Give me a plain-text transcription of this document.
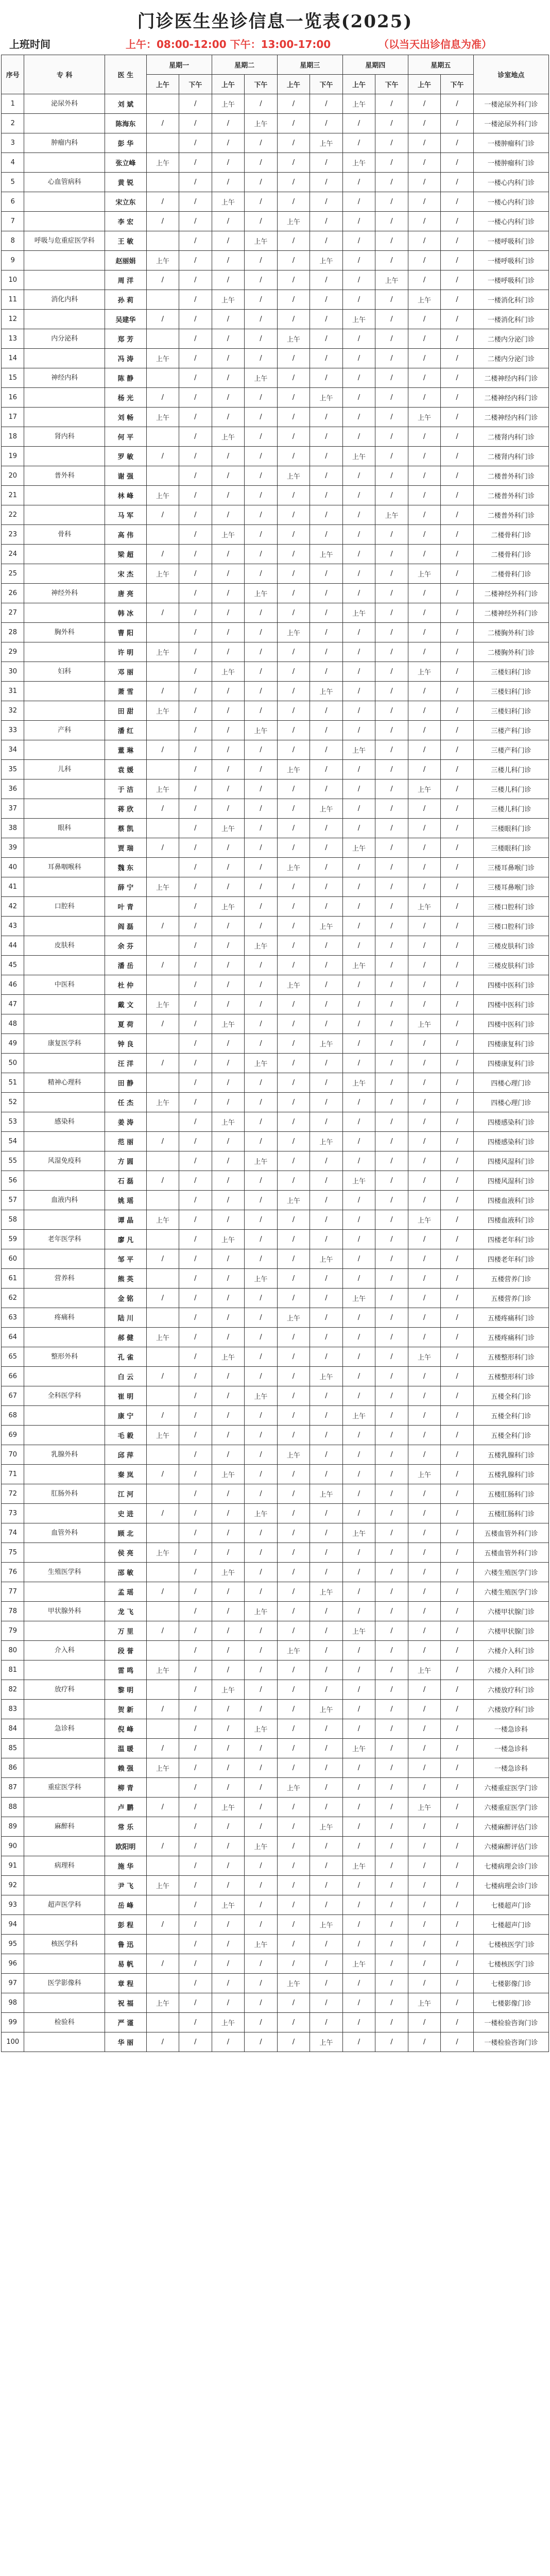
门诊医生坐诊信息一览表(2025)
上班时间	上午：08:00-12:00 下午：13:00-17:00	（以当天出诊信息为准）
序号	专 科	医 生	星期一		星期二		星期三		星期四		星期五		诊室地点
			上午	下午	上午	下午	上午	下午	上午	下午	上午	下午	
1	泌尿外科	刘 斌		/	上午	/	/	/	上午	/	/	/	一楼泌尿外科门诊
2		陈海东	/	/	/	上午	/	/	/	/	/	/	一楼泌尿外科门诊
3	肿瘤内科	彭 华		/	/	/	/	上午	/	/	/	/	一楼肿瘤科门诊
4		张立峰	上午	/	/	/	/	/	上午	/	/	/	一楼肿瘤科门诊
5	心血管病科	黄 锐		/	/	/	/	/	/	/	/	/	一楼心内科门诊
6		宋立东	/	/	上午	/	/	/	/	/	/	/	一楼心内科门诊
7		李 宏	/	/	/	/	上午	/	/	/	/	/	一楼心内科门诊
8	呼吸与危重症医学科	王 敏		/	/	上午	/	/	/	/	/	/	一楼呼吸科门诊
9		赵丽娟	上午	/	/	/	/	上午	/	/	/	/	一楼呼吸科门诊
10		周 洋	/	/	/	/	/	/	/	上午	/	/	一楼呼吸科门诊
11	消化内科	孙 莉		/	上午	/	/	/	/	/	上午	/	一楼消化科门诊
12		吴建华	/	/	/	/	/	/	上午	/	/	/	一楼消化科门诊
13	内分泌科	郑 芳		/	/	/	上午	/	/	/	/	/	二楼内分泌门诊
14		冯 涛	上午	/	/	/	/	/	/	/	/	/	二楼内分泌门诊
15	神经内科	陈 静		/	/	上午	/	/	/	/	/	/	二楼神经内科门诊
16		杨 光	/	/	/	/	/	上午	/	/	/	/	二楼神经内科门诊
17		刘 畅	上午	/	/	/	/	/	/	/	上午	/	二楼神经内科门诊
18	肾内科	何 平		/	上午	/	/	/	/	/	/	/	二楼肾内科门诊
19		罗 敏	/	/	/	/	/	/	上午	/	/	/	二楼肾内科门诊
20	普外科	谢 强		/	/	/	上午	/	/	/	/	/	二楼普外科门诊
21		林 峰	上午	/	/	/	/	/	/	/	/	/	二楼普外科门诊
22		马 军	/	/	/	/	/	/	/	上午	/	/	二楼普外科门诊
23	骨科	高 伟		/	上午	/	/	/	/	/	/	/	二楼骨科门诊
24		梁 超	/	/	/	/	/	上午	/	/	/	/	二楼骨科门诊
25		宋 杰	上午	/	/	/	/	/	/	/	上午	/	二楼骨科门诊
26	神经外科	唐 亮		/	/	上午	/	/	/	/	/	/	二楼神经外科门诊
27		韩 冰	/	/	/	/	/	/	上午	/	/	/	二楼神经外科门诊
28	胸外科	曹 阳		/	/	/	上午	/	/	/	/	/	二楼胸外科门诊
29		许 明	上午	/	/	/	/	/	/	/	/	/	二楼胸外科门诊
30	妇科	邓 丽		/	上午	/	/	/	/	/	上午	/	三楼妇科门诊
31		萧 雪	/	/	/	/	/	上午	/	/	/	/	三楼妇科门诊
32		田 甜	上午	/	/	/	/	/	/	/	/	/	三楼妇科门诊
33	产科	潘 红		/	/	上午	/	/	/	/	/	/	三楼产科门诊
34		董 琳	/	/	/	/	/	/	上午	/	/	/	三楼产科门诊
35	儿科	袁 媛		/	/	/	上午	/	/	/	/	/	三楼儿科门诊
36		于 洁	上午	/	/	/	/	/	/	/	上午	/	三楼儿科门诊
37		蒋 欣	/	/	/	/	/	上午	/	/	/	/	三楼儿科门诊
38	眼科	蔡 凯		/	上午	/	/	/	/	/	/	/	三楼眼科门诊
39		贾 瑞	/	/	/	/	/	/	上午	/	/	/	三楼眼科门诊
40	耳鼻咽喉科	魏 东		/	/	/	上午	/	/	/	/	/	三楼耳鼻喉门诊
41		薛 宁	上午	/	/	/	/	/	/	/	/	/	三楼耳鼻喉门诊
42	口腔科	叶 青		/	上午	/	/	/	/	/	上午	/	三楼口腔科门诊
43		阎 磊	/	/	/	/	/	上午	/	/	/	/	三楼口腔科门诊
44	皮肤科	余 芬		/	/	上午	/	/	/	/	/	/	三楼皮肤科门诊
45		潘 岳	/	/	/	/	/	/	上午	/	/	/	三楼皮肤科门诊
46	中医科	杜 仲		/	/	/	上午	/	/	/	/	/	四楼中医科门诊
47		戴 文	上午	/	/	/	/	/	/	/	/	/	四楼中医科门诊
48		夏 荷	/	/	上午	/	/	/	/	/	上午	/	四楼中医科门诊
49	康复医学科	钟 良		/	/	/	/	上午	/	/	/	/	四楼康复科门诊
50		汪 洋	/	/	/	上午	/	/	/	/	/	/	四楼康复科门诊
51	精神心理科	田 静		/	/	/	/	/	上午	/	/	/	四楼心理门诊
52		任 杰	上午	/	/	/	/	/	/	/	/	/	四楼心理门诊
53	感染科	姜 涛		/	上午	/	/	/	/	/	/	/	四楼感染科门诊
54		范 丽	/	/	/	/	/	上午	/	/	/	/	四楼感染科门诊
55	风湿免疫科	方 圆		/	/	上午	/	/	/	/	/	/	四楼风湿科门诊
56		石 磊	/	/	/	/	/	/	上午	/	/	/	四楼风湿科门诊
57	血液内科	姚 瑶		/	/	/	上午	/	/	/	/	/	四楼血液科门诊
58		谭 晶	上午	/	/	/	/	/	/	/	上午	/	四楼血液科门诊
59	老年医学科	廖 凡		/	上午	/	/	/	/	/	/	/	四楼老年科门诊
60		邹 平	/	/	/	/	/	上午	/	/	/	/	四楼老年科门诊
61	营养科	熊 英		/	/	上午	/	/	/	/	/	/	五楼营养门诊
62		金 铭	/	/	/	/	/	/	上午	/	/	/	五楼营养门诊
63	疼痛科	陆 川		/	/	/	上午	/	/	/	/	/	五楼疼痛科门诊
64		郝 健	上午	/	/	/	/	/	/	/	/	/	五楼疼痛科门诊
65	整形外科	孔 雀		/	上午	/	/	/	/	/	上午	/	五楼整形科门诊
66		白 云	/	/	/	/	/	上午	/	/	/	/	五楼整形科门诊
67	全科医学科	崔 明		/	/	上午	/	/	/	/	/	/	五楼全科门诊
68		康 宁	/	/	/	/	/	/	上午	/	/	/	五楼全科门诊
69		毛 毅	上午	/	/	/	/	/	/	/	/	/	五楼全科门诊
70	乳腺外科	邱 萍		/	/	/	上午	/	/	/	/	/	五楼乳腺科门诊
71		秦 岚	/	/	上午	/	/	/	/	/	上午	/	五楼乳腺科门诊
72	肛肠外科	江 河		/	/	/	/	上午	/	/	/	/	五楼肛肠科门诊
73		史 进	/	/	/	上午	/	/	/	/	/	/	五楼肛肠科门诊
74	血管外科	顾 北		/	/	/	/	/	上午	/	/	/	五楼血管外科门诊
75		侯 亮	上午	/	/	/	/	/	/	/	/	/	五楼血管外科门诊
76	生殖医学科	邵 敏		/	上午	/	/	/	/	/	/	/	六楼生殖医学门诊
77		孟 瑶	/	/	/	/	/	上午	/	/	/	/	六楼生殖医学门诊
78	甲状腺外科	龙 飞		/	/	上午	/	/	/	/	/	/	六楼甲状腺门诊
79		万 里	/	/	/	/	/	/	上午	/	/	/	六楼甲状腺门诊
80	介入科	段 誉		/	/	/	上午	/	/	/	/	/	六楼介入科门诊
81		雷 鸣	上午	/	/	/	/	/	/	/	上午	/	六楼介入科门诊
82	放疗科	黎 明		/	上午	/	/	/	/	/	/	/	六楼放疗科门诊
83		贺 新	/	/	/	/	/	上午	/	/	/	/	六楼放疗科门诊
84	急诊科	倪 峰		/	/	上午	/	/	/	/	/	/	一楼急诊科
85		温 暖	/	/	/	/	/	/	上午	/	/	/	一楼急诊科
86		赖 强	上午	/	/	/	/	/	/	/	/	/	一楼急诊科
87	重症医学科	柳 青		/	/	/	上午	/	/	/	/	/	六楼重症医学门诊
88		卢 鹏	/	/	上午	/	/	/	/	/	上午	/	六楼重症医学门诊
89	麻醉科	常 乐		/	/	/	/	上午	/	/	/	/	六楼麻醉评估门诊
90		欧阳明	/	/	/	上午	/	/	/	/	/	/	六楼麻醉评估门诊
91	病理科	施 华		/	/	/	/	/	上午	/	/	/	七楼病理会诊门诊
92		尹 飞	上午	/	/	/	/	/	/	/	/	/	七楼病理会诊门诊
93	超声医学科	岳 峰		/	上午	/	/	/	/	/	/	/	七楼超声门诊
94		彭 程	/	/	/	/	/	上午	/	/	/	/	七楼超声门诊
95	核医学科	鲁 迅		/	/	上午	/	/	/	/	/	/	七楼核医学门诊
96		易 帆	/	/	/	/	/	/	上午	/	/	/	七楼核医学门诊
97	医学影像科	章 程		/	/	/	上午	/	/	/	/	/	七楼影像门诊
98		祝 福	上午	/	/	/	/	/	/	/	上午	/	七楼影像门诊
99	检验科	严 谨		/	上午	/	/	/	/	/	/	/	一楼检验咨询门诊
100		华 丽	/	/	/	/	/	上午	/	/	/	/	一楼检验咨询门诊
